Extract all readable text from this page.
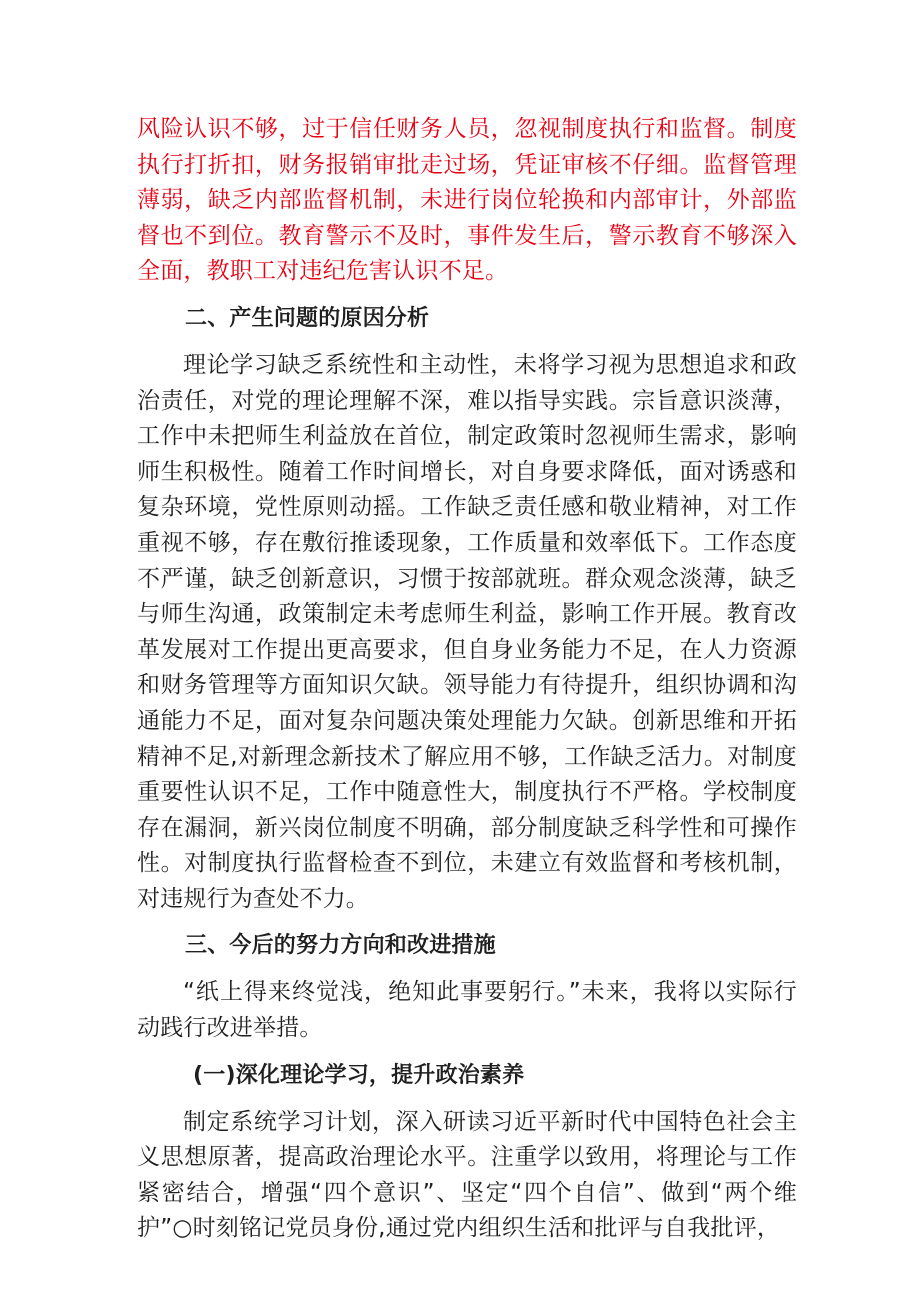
风险认识不够，过于信任财务人员，忽视制度执行和监督。制度执行打折扣，财务报销审批走过场，凭证审核不仔细。监督管理薄弱，缺乏内部监督机制，未进行岗位轮换和内部审计，外部监督也不到位。教育警示不及时，事件发生后，警示教育不够深入全面，教职工对违纪危害认识不足。

二、产生问题的原因分析

理论学习缺乏系统性和主动性，未将学习视为思想追求和政治责任，对党的理论理解不深，难以指导实践。宗旨意识淡薄，工作中未把师生利益放在首位，制定政策时忽视师生需求，影响师生积极性。随着工作时间增长，对自身要求降低，面对诱惑和复杂环境，党性原则动摇。工作缺乏责任感和敬业精神，对工作重视不够，存在敷衍推诿现象，工作质量和效率低下。工作态度不严谨，缺乏创新意识，习惯于按部就班。群众观念淡薄，缺乏与师生沟通，政策制定未考虑师生利益，影响工作开展。教育改革发展对工作提出更高要求，但自身业务能力不足，在人力资源和财务管理等方面知识欠缺。领导能力有待提升，组织协调和沟通能力不足，面对复杂问题决策处理能力欠缺。创新思维和开拓精神不足,对新理念新技术了解应用不够，工作缺乏活力。对制度重要性认识不足，工作中随意性大，制度执行不严格。学校制度存在漏洞，新兴岗位制度不明确，部分制度缺乏科学性和可操作性。对制度执行监督检查不到位，未建立有效监督和考核机制，对违规行为查处不力。

三、今后的努力方向和改进措施

“纸上得来终觉浅，绝知此事要躬行。”未来，我将以实际行动践行改进举措。

(一)深化理论学习，提升政治素养

制定系统学习计划，深入研读习近平新时代中国特色社会主义思想原著，提高政治理论水平。注重学以致用，将理论与工作紧密结合，增强“四个意识”、坚定“四个自信”、做到“两个维护”○时刻铭记党员身份,通过党内组织生活和批评与自我批评，
